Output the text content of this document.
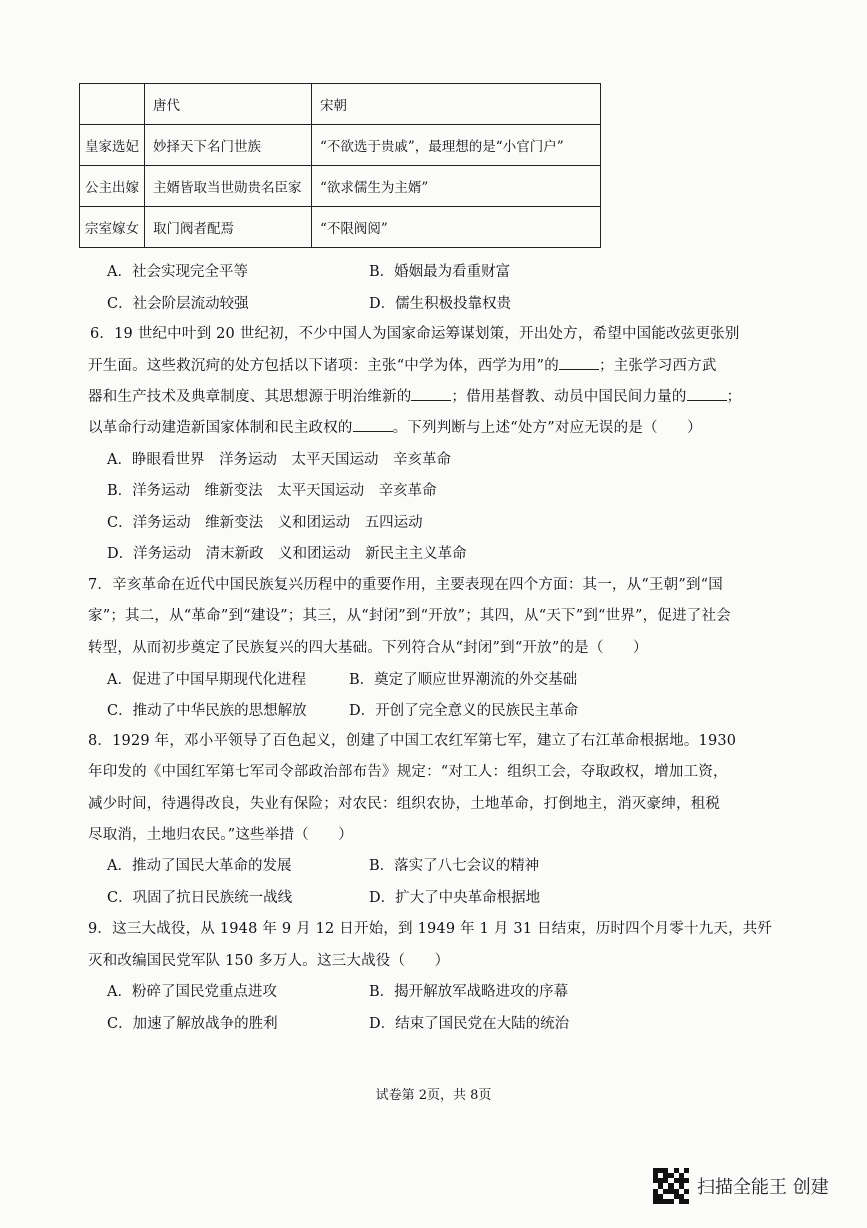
	唐代	宋朝
皇家选妃	妙择天下名门世族	“不欲选于贵戚”，最理想的是“小官门户”
公主出嫁	主婿皆取当世勋贵名臣家	“欲求儒生为主婿”
宗室嫁女	取门阀者配焉	“不限阀阅”
A．社会实现完全平等	B．婚姻最为看重财富
C．社会阶层流动较强	D．儒生积极投靠权贵
6．19 世纪中叶到 20 世纪初，不少中国人为国家命运筹谋划策，开出处方，希望中国能改弦更张别
开生面。这些救沉疴的处方包括以下诸项：主张“中学为体，西学为用”的	；主张学习西方武
器和生产技术及典章制度、其思想源于明治维新的	；借用基督教、动员中国民间力量的	；
以革命行动建造新国家体制和民主政权的	。下列判断与上述“处方”对应无误的是（　　）
A．睁眼看世界　洋务运动　太平天国运动　辛亥革命
B．洋务运动　维新变法　太平天国运动　辛亥革命
C．洋务运动　维新变法　义和团运动　五四运动
D．洋务运动　清末新政　义和团运动　新民主主义革命
7．辛亥革命在近代中国民族复兴历程中的重要作用，主要表现在四个方面：其一，从“王朝”到“国
家”；其二，从“革命”到“建设”；其三，从“封闭”到“开放”；其四，从“天下”到“世界”，促进了社会
转型，从而初步奠定了民族复兴的四大基础。下列符合从“封闭”到“开放”的是（　　）
A．促进了中国早期现代化进程	B．奠定了顺应世界潮流的外交基础
C．推动了中华民族的思想解放	D．开创了完全意义的民族民主革命
8．1929 年，邓小平领导了百色起义，创建了中国工农红军第七军，建立了右江革命根据地。1930
年印发的《中国红军第七军司令部政治部布告》规定：“对工人：组织工会，夺取政权，增加工资，
减少时间，待遇得改良，失业有保险；对农民：组织农协，土地革命，打倒地主，消灭豪绅，租税
尽取消，土地归农民。”这些举措（　　）
A．推动了国民大革命的发展	B．落实了八七会议的精神
C．巩固了抗日民族统一战线	D．扩大了中央革命根据地
9．这三大战役，从 1948 年 9 月 12 日开始，到 1949 年 1 月 31 日结束，历时四个月零十九天，共歼
灭和改编国民党军队 150 多万人。这三大战役（　　）
A．粉碎了国民党重点进攻	B．揭开解放军战略进攻的序幕
C．加速了解放战争的胜利	D．结束了国民党在大陆的统治
试卷第 2页，共 8页
扫描全能王 创建
